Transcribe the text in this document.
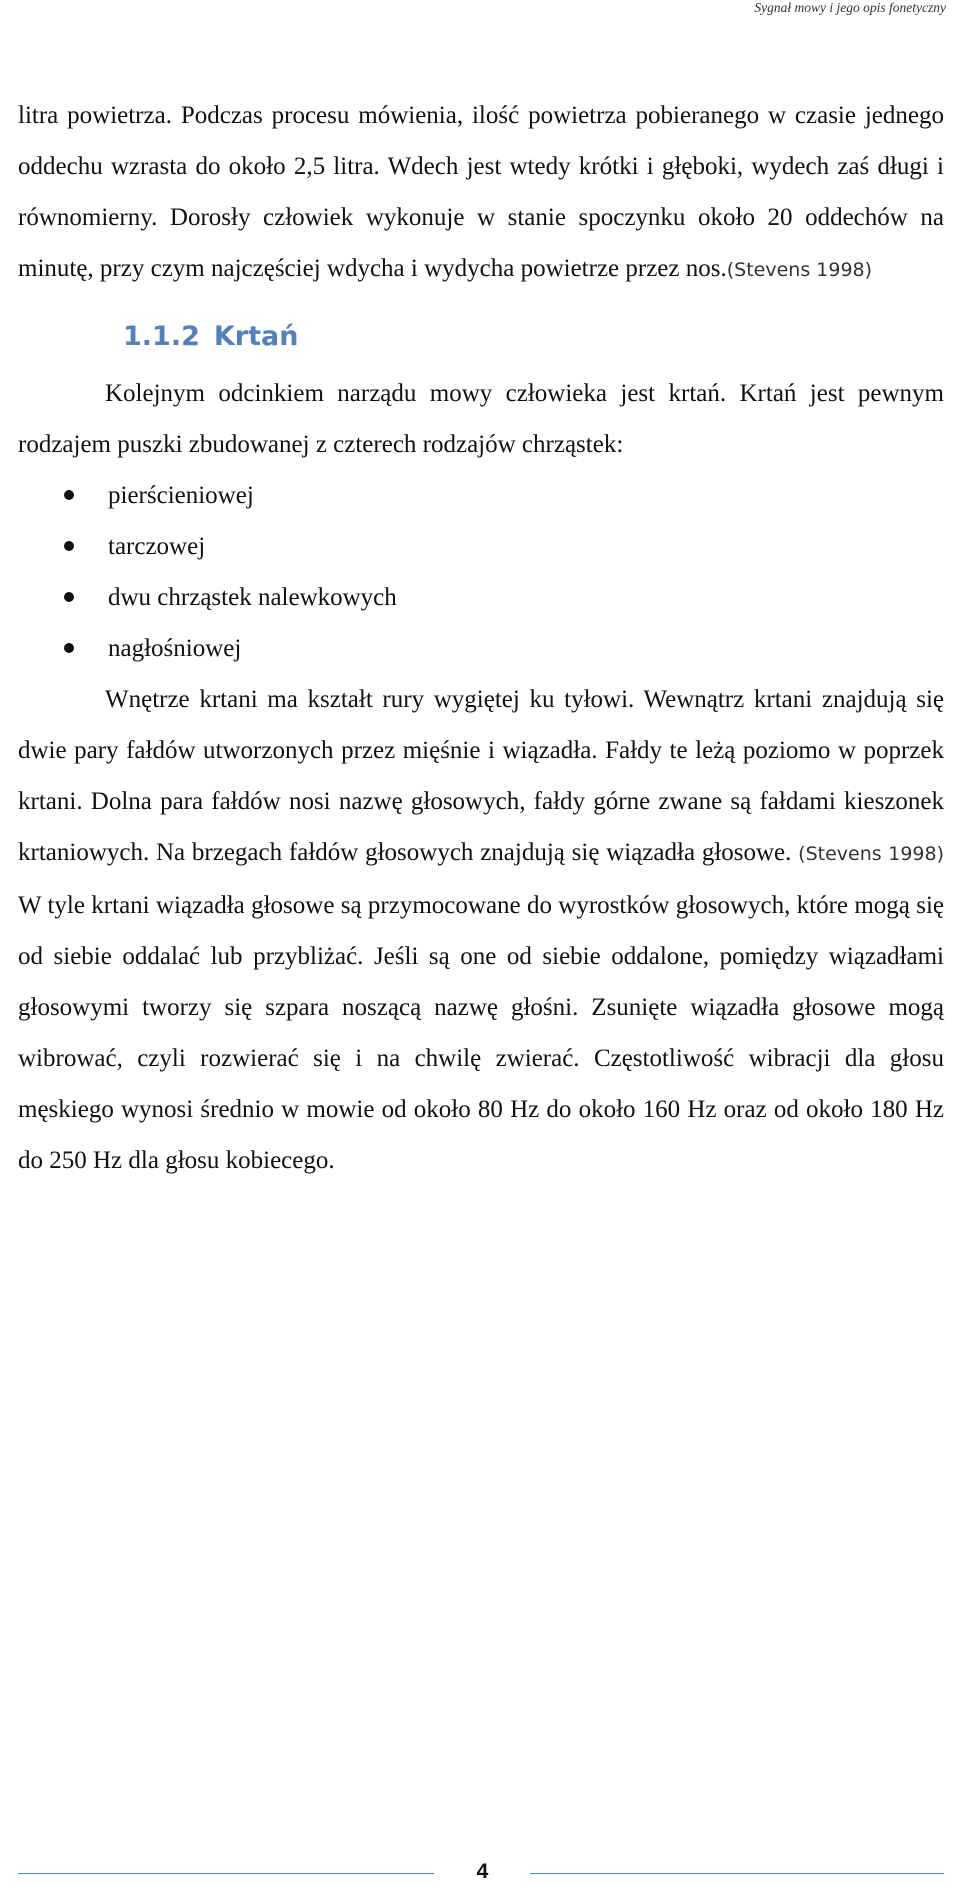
Sygnał mowy i jego opis fonetyczny

litra powietrza. Podczas procesu mówienia, ilość powietrza pobieranego w czasie jednego oddechu wzrasta do około 2,5 litra. Wdech jest wtedy krótki i głęboki, wydech zaś długi i równomierny. Dorosły człowiek wykonuje w stanie spoczynku około 20 oddechów na minutę, przy czym najczęściej wdycha i wydycha powietrze przez nos.(Stevens 1998)

1.1.2 Krtań

Kolejnym odcinkiem narządu mowy człowieka jest krtań. Krtań jest pewnym rodzajem puszki zbudowanej z czterech rodzajów chrząstek:

pierścieniowej
tarczowej
dwu chrząstek nalewkowych
nagłośniowej

Wnętrze krtani ma kształt rury wygiętej ku tyłowi. Wewnątrz krtani znajdują się dwie pary fałdów utworzonych przez mięśnie i wiązadła. Fałdy te leżą poziomo w poprzek krtani. Dolna para fałdów nosi nazwę głosowych, fałdy górne zwane są fałdami kieszonek krtaniowych. Na brzegach fałdów głosowych znajdują się wiązadła głosowe. (Stevens 1998) W tyle krtani wiązadła głosowe są przymocowane do wyrostków głosowych, które mogą się od siebie oddalać lub przybliżać. Jeśli są one od siebie oddalone, pomiędzy wiązadłami głosowymi tworzy się szpara noszącą nazwę głośni. Zsunięte wiązadła głosowe mogą wibrować, czyli rozwierać się i na chwilę zwierać. Częstotliwość wibracji dla głosu męskiego wynosi średnio w mowie od około 80 Hz do około 160 Hz oraz od około 180 Hz do 250 Hz dla głosu kobiecego.

4
